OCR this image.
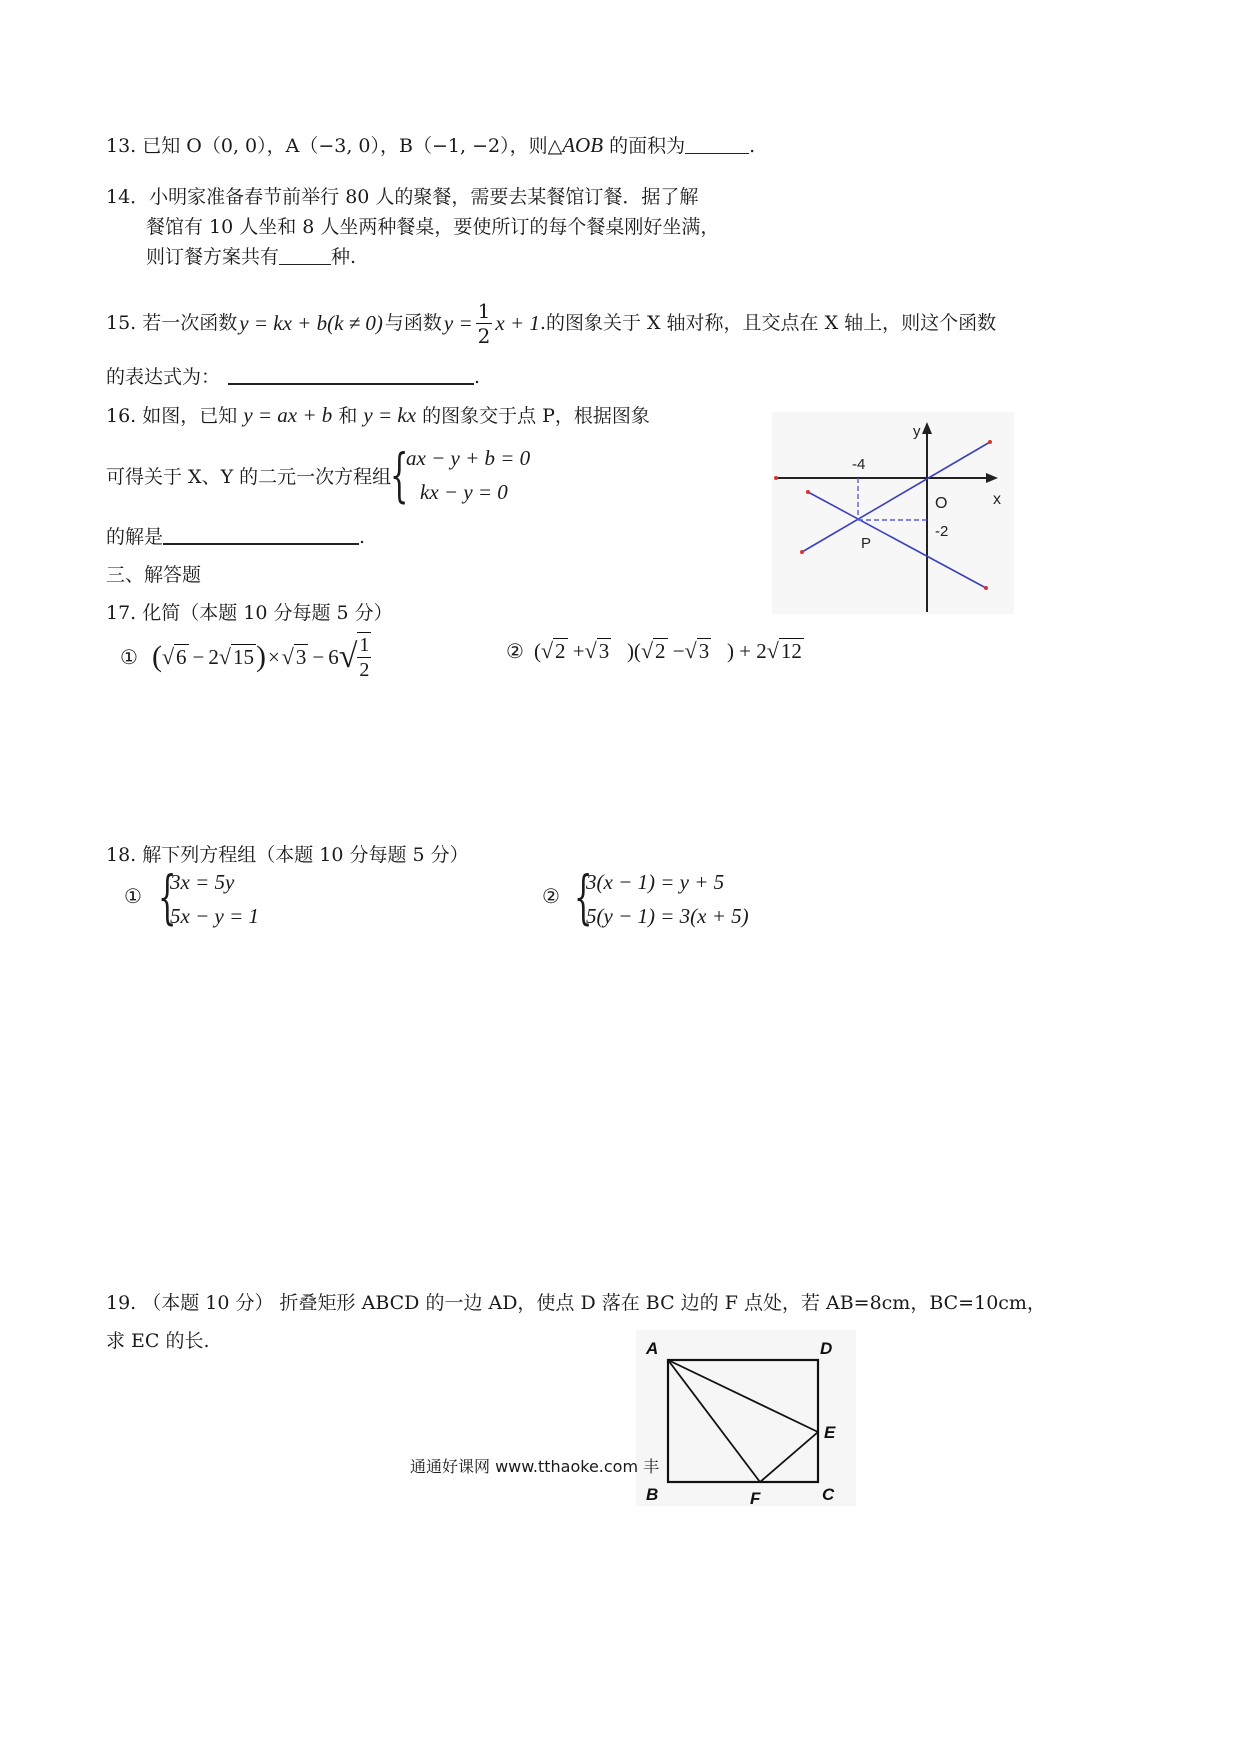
13. 已知 O（0, 0），A（−3, 0），B（−1, −2），则△AOB 的面积为	.
14．小明家准备春节前举行 80 人的聚餐，需要去某餐馆订餐．据了解
餐馆有 10 人坐和 8 人坐两种餐桌，要使所订的每个餐桌刚好坐满，
则订餐方案共有	种.
15. 若一次函数 y = kx + b(k ≠ 0) 与函数 $y = \frac{1}{2}$ x + 1 .的图象关于 X 轴对称，且交点在 X 轴上，则这个函数
的表达式为：	.
16. 如图，已知 y = ax + b 和 y = kx 的图象交于点 P，根据图象
可得关于 X、Y 的二元一次方程组
{
ax − y + b = 0
kx − y = 0
的解是	.
y
x
O
-4
-2
P
三、解答题
17. 化简（本题 10 分每题 5 分）
① ( √ 6 − 2 √ 15 ) × √ 3 − 6 √ $\frac{1}{2}$	② ( √ 2 + √ 3 )( √ 2 − √ 3 ) + 2 √ 12
18. 解下列方程组（本题 10 分每题 5 分）
① {
3x = 5y
5x − y = 1
② {
3(x − 1) = y + 5
5(y − 1) = 3(x + 5)
19. （本题 10 分） 折叠矩形 ABCD 的一边 AD，使点 D 落在 BC 边的 F 点处，若 AB=8cm，BC=10cm，
求 EC 的长.	A	D
E
B	C
F
通通好课网 www.tthaoke.com 丰
